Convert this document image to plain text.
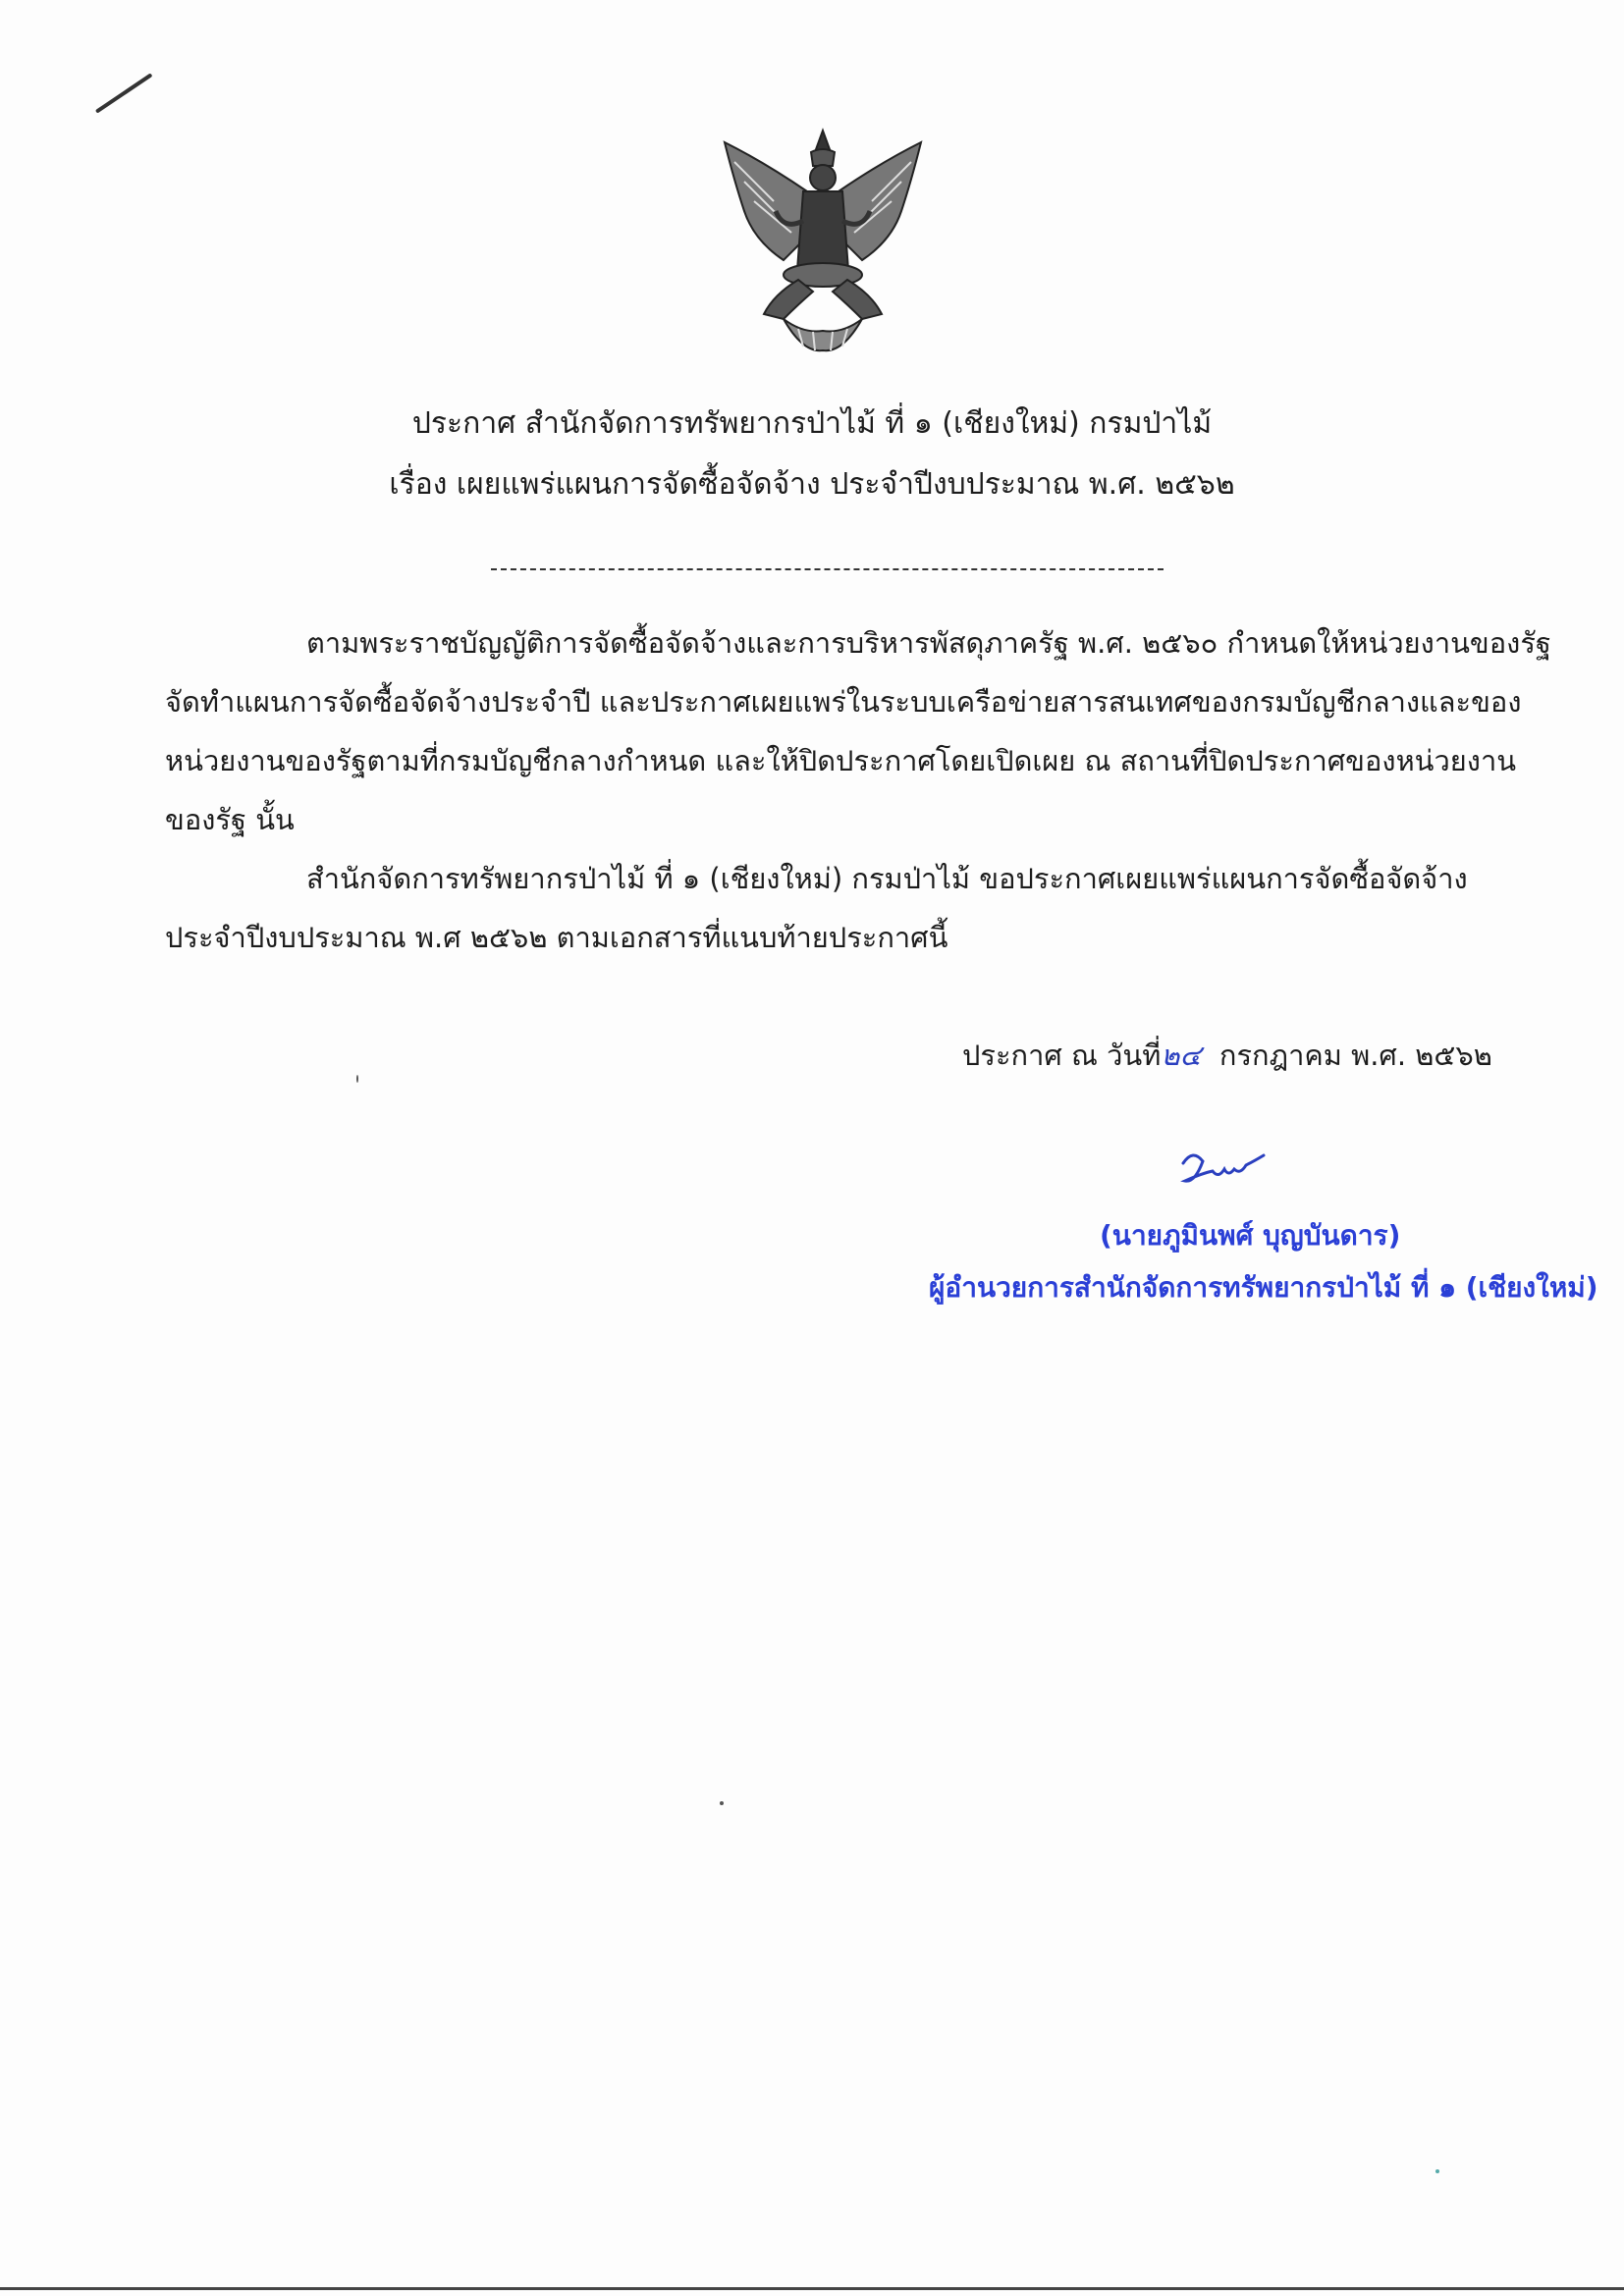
ประกาศ สำนักจัดการทรัพยากรป่าไม้ ที่ ๑ (เชียงใหม่) กรมป่าไม้
เรื่อง เผยแพร่แผนการจัดซื้อจัดจ้าง ประจำปีงบประมาณ พ.ศ. ๒๕๖๒
ตามพระราชบัญญัติการจัดซื้อจัดจ้างและการบริหารพัสดุภาครัฐ พ.ศ. ๒๕๖๐ กำหนดให้หน่วยงานของรัฐ
จัดทำแผนการจัดซื้อจัดจ้างประจำปี และประกาศเผยแพร่ในระบบเครือข่ายสารสนเทศของกรมบัญชีกลางและของ
หน่วยงานของรัฐตามที่กรมบัญชีกลางกำหนด และให้ปิดประกาศโดยเปิดเผย ณ สถานที่ปิดประกาศของหน่วยงาน
ของรัฐ นั้น
สำนักจัดการทรัพยากรป่าไม้ ที่ ๑ (เชียงใหม่) กรมป่าไม้ ขอประกาศเผยแพร่แผนการจัดซื้อจัดจ้าง
ประจำปีงบประมาณ พ.ศ ๒๕๖๒ ตามเอกสารที่แนบท้ายประกาศนี้
ประกาศ ณ วันที่๒๔ กรกฎาคม พ.ศ. ๒๕๖๒
(นายภูมินพศ์ บุญบันดาร)
ผู้อำนวยการสำนักจัดการทรัพยากรป่าไม้ ที่ ๑ (เชียงใหม่)
